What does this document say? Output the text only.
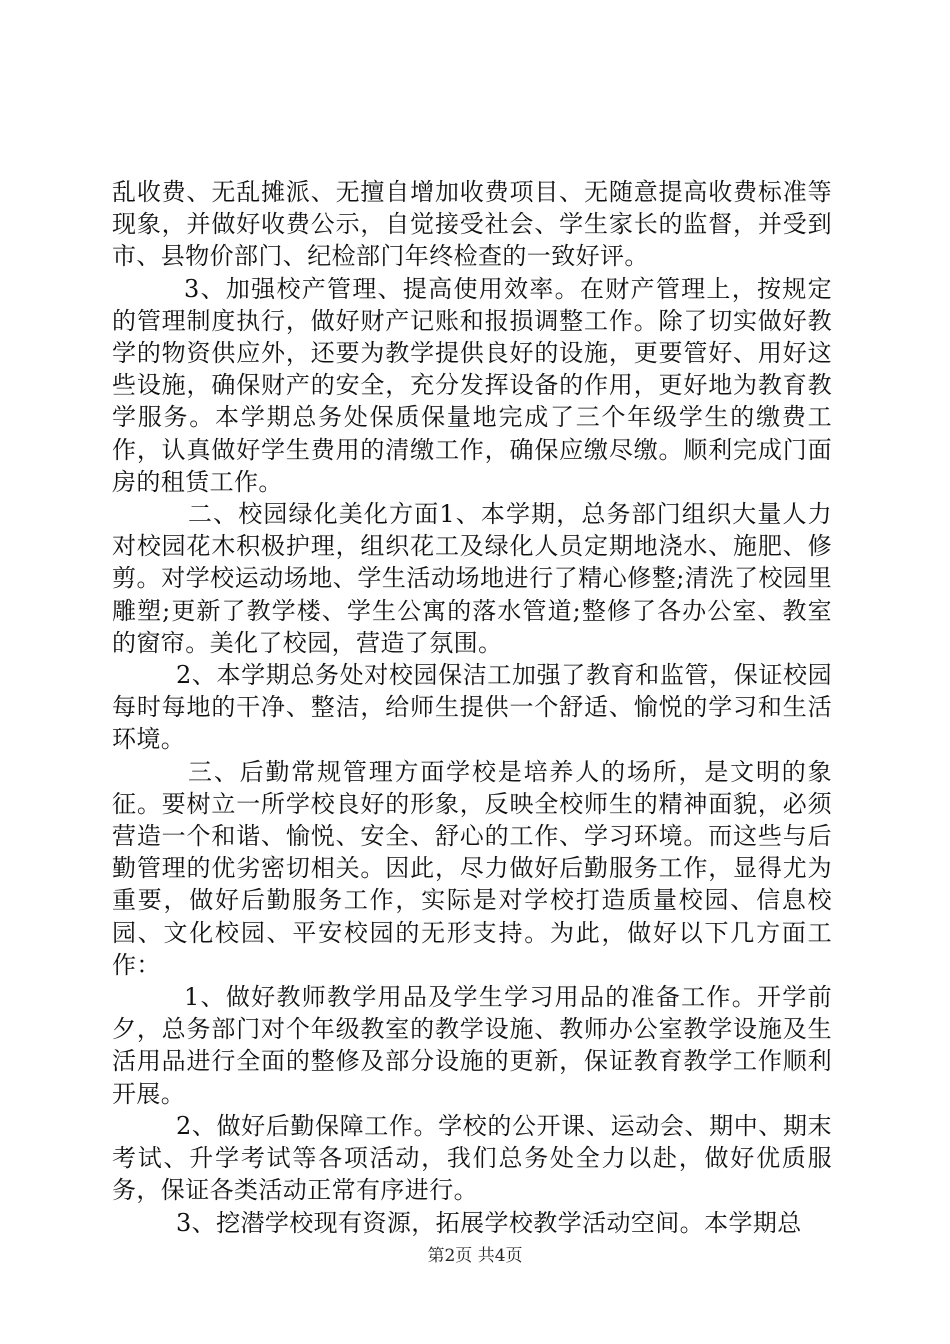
乱收费、无乱摊派、无擅自增加收费项目、无随意提高收费标准等现象，并做好收费公示，自觉接受社会、学生家长的监督，并受到市、县物价部门、纪检部门年终检查的一致好评。

3、加强校产管理、提高使用效率。在财产管理上，按规定的管理制度执行，做好财产记账和报损调整工作。除了切实做好教学的物资供应外，还要为教学提供良好的设施，更要管好、用好这些设施，确保财产的安全，充分发挥设备的作用，更好地为教育教学服务。本学期总务处保质保量地完成了三个年级学生的缴费工作，认真做好学生费用的清缴工作，确保应缴尽缴。顺利完成门面房的租赁工作。

二、校园绿化美化方面1、本学期，总务部门组织大量人力对校园花木积极护理，组织花工及绿化人员定期地浇水、施肥、修剪。对学校运动场地、学生活动场地进行了精心修整;清洗了校园里雕塑;更新了教学楼、学生公寓的落水管道;整修了各办公室、教室的窗帘。美化了校园，营造了氛围。

2、本学期总务处对校园保洁工加强了教育和监管，保证校园每时每地的干净、整洁，给师生提供一个舒适、愉悦的学习和生活环境。

三、后勤常规管理方面学校是培养人的场所，是文明的象征。要树立一所学校良好的形象，反映全校师生的精神面貌，必须营造一个和谐、愉悦、安全、舒心的工作、学习环境。而这些与后勤管理的优劣密切相关。因此，尽力做好后勤服务工作，显得尤为重要，做好后勤服务工作，实际是对学校打造质量校园、信息校园、文化校园、平安校园的无形支持。为此，做好以下几方面工作：

1、做好教师教学用品及学生学习用品的准备工作。开学前夕，总务部门对个年级教室的教学设施、教师办公室教学设施及生活用品进行全面的整修及部分设施的更新，保证教育教学工作顺利开展。

2、做好后勤保障工作。学校的公开课、运动会、期中、期末考试、升学考试等各项活动，我们总务处全力以赴，做好优质服务，保证各类活动正常有序进行。

3、挖潜学校现有资源，拓展学校教学活动空间。本学期总

第2页 共4页
